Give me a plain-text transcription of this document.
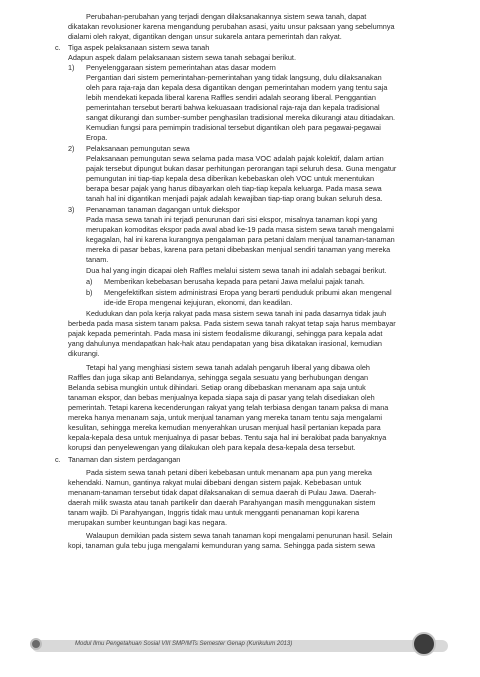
Perubahan-perubahan yang terjadi dengan dilaksanakannya sistem sewa tanah, dapat
dikatakan revolusioner karena mengandung perubahan asasi, yaitu unsur paksaan yang sebelumnya
dialami oleh rakyat, digantikan dengan unsur sukarela antara pemerintah dan rakyat.
c. Tiga aspek pelaksanaan sistem sewa tanah
Adapun aspek dalam pelaksanaan sistem sewa tanah sebagai berikut.
1) Penyelenggaraan sistem pemerintahan atas dasar modern
Pergantian dari sistem pemerintahan-pemerintahan yang tidak langsung, dulu dilaksanakan
oleh para raja-raja dan kepala desa digantikan dengan pemerintahan modern yang tentu saja
lebih mendekati kepada liberal karena Raffles sendiri adalah seorang liberal. Penggantian
pemerintahan tersebut berarti bahwa kekuasaan tradisional raja-raja dan kepala tradisional
sangat dikurangi dan sumber-sumber penghasilan tradisional mereka dikurangi atau ditiadakan.
Kemudian fungsi para pemimpin tradisional tersebut digantikan oleh para pegawai-pegawai
Eropa.
2) Pelaksanaan pemungutan sewa
Pelaksanaan pemungutan sewa selama pada masa VOC adalah pajak kolektif, dalam artian
pajak tersebut dipungut bukan dasar perhitungan perorangan tapi seluruh desa. Guna mengatur
pemungutan ini tiap-tiap kepala desa diberikan kebebaskan oleh VOC untuk menentukan
berapa besar pajak yang harus dibayarkan oleh tiap-tiap kepala keluarga. Pada masa sewa
tanah hal ini digantikan menjadi pajak adalah kewajiban tiap-tiap orang bukan seluruh desa.
3) Penanaman tanaman dagangan untuk diekspor
Pada masa sewa tanah ini terjadi penurunan dari sisi ekspor, misalnya tanaman kopi yang
merupakan komoditas ekspor pada awal abad ke-19 pada masa sistem sewa tanah mengalami
kegagalan, hal ini karena kurangnya pengalaman para petani dalam menjual tanaman-tanaman
mereka di pasar bebas, karena para petani dibebaskan menjual sendiri tanaman yang mereka
tanam.
Dua hal yang ingin dicapai oleh Raffles melalui sistem sewa tanah ini adalah sebagai berikut.
a) Memberikan kebebasan berusaha kepada para petani Jawa melalui pajak tanah.
b) Mengefektifkan sistem administrasi Eropa yang berarti penduduk pribumi akan mengenal
ide-ide Eropa mengenai kejujuran, ekonomi, dan keadilan.
Kedudukan dan pola kerja rakyat pada masa sistem sewa tanah ini pada dasarnya tidak jauh
berbeda pada masa sistem tanam paksa. Pada sistem sewa tanah rakyat tetap saja harus membayar
pajak kepada pemerintah. Pada masa ini sistem feodalisme dikurangi, sehingga para kepala adat
yang dahulunya mendapatkan hak-hak atau pendapatan yang bisa dikatakan irasional, kemudian
dikurangi.
Tetapi hal yang menghiasi sistem sewa tanah adalah pengaruh liberal yang dibawa oleh
Raffles dan juga sikap anti Belandanya, sehingga segala sesuatu yang berhubungan dengan
Belanda sebisa mungkin untuk dihindari. Setiap orang dibebaskan menanam apa saja untuk
tanaman ekspor, dan bebas menjualnya kepada siapa saja di pasar yang telah disediakan oleh
pemerintah. Tetapi karena kecenderungan rakyat yang telah terbiasa dengan tanam paksa di mana
mereka hanya menanam saja, untuk menjual tanaman yang mereka tanam tentu saja mengalami
kesulitan, sehingga mereka kemudian menyerahkan urusan menjual hasil pertanian kepada para
kepala-kepala desa untuk menjualnya di pasar bebas. Tentu saja hal ini berakibat pada banyaknya
korupsi dan penyelewengan yang dilakukan oleh para kepala desa-kepala desa tersebut.
c. Tanaman dan sistem perdagangan
Pada sistem sewa tanah petani diberi kebebasan untuk menanam apa pun yang mereka
kehendaki. Namun, gantinya rakyat mulai dibebani dengan sistem pajak. Kebebasan untuk
menanam-tanaman tersebut tidak dapat dilaksanakan di semua daerah di Pulau Jawa. Daerah-
daerah milik swasta atau tanah partikelir dan daerah Parahyangan masih menggunakan sistem
tanam wajib. Di Parahyangan, Inggris tidak mau untuk mengganti penanaman kopi karena
merupakan sumber keuntungan bagi kas negara.
Walaupun demikian pada sistem sewa tanah tanaman kopi mengalami penurunan hasil. Selain
kopi, tanaman gula tebu juga mengalami kemunduran yang sama. Sehingga pada sistem sewa
Modul Ilmu Pengetahuan Sosial VIII SMP/MTs Semester Genap (Kurikulum 2013)
